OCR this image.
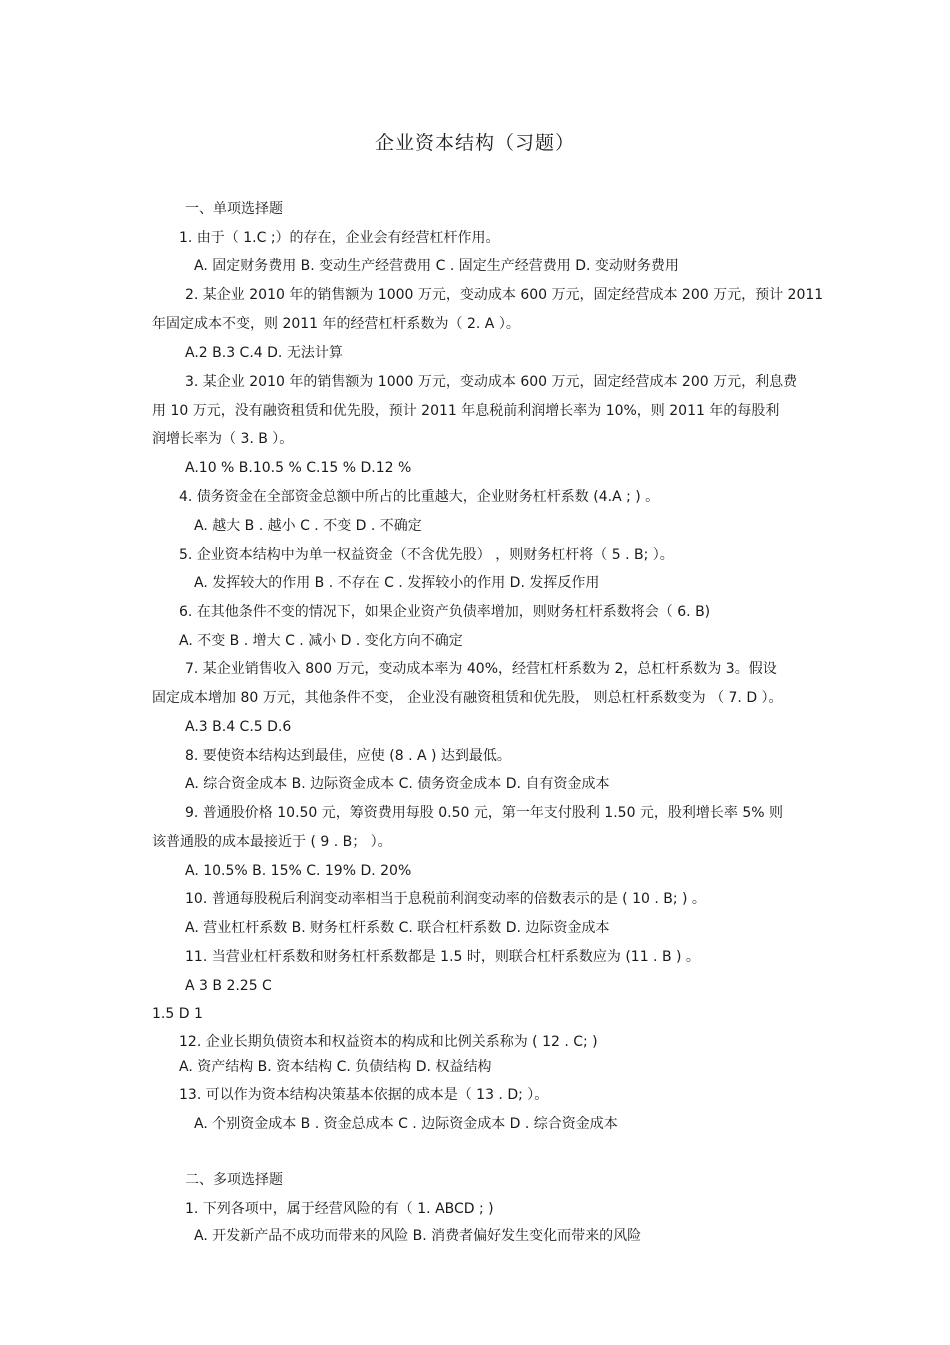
企业资本结构（习题）
一、单项选择题
1. 由于（ 1.C ;）的存在，企业会有经营杠杆作用。
A. 固定财务费用 B. 变动生产经营费用 C . 固定生产经营费用 D. 变动财务费用
2. 某企业 2010 年的销售额为 1000 万元，变动成本 600 万元，固定经营成本 200 万元，预计 2011
年固定成本不变，则 2011 年的经营杠杆系数为（ 2. A ）。
A.2 B.3 C.4 D. 无法计算
3. 某企业 2010 年的销售额为 1000 万元，变动成本 600 万元，固定经营成本 200 万元，利息费
用 10 万元，没有融资租赁和优先股，预计 2011 年息税前利润增长率为 10%，则 2011 年的每股利
润增长率为（ 3. B ）。
A.10 % B.10.5 % C.15 % D.12 %
4. 债务资金在全部资金总额中所占的比重越大，企业财务杠杆系数 (4.A ; ) 。
A. 越大 B . 越小 C . 不变 D . 不确定
5. 企业资本结构中为单一权益资金（不含优先股） ，则财务杠杆将（ 5 . B; ）。
A. 发挥较大的作用 B . 不存在 C . 发挥较小的作用 D. 发挥反作用
6. 在其他条件不变的情况下，如果企业资产负债率增加，则财务杠杆系数将会（ 6. B)
A. 不变 B . 增大 C . 减小 D . 变化方向不确定
7. 某企业销售收入 800 万元，变动成本率为 40%，经营杠杆系数为 2，总杠杆系数为 3。假设
固定成本增加 80 万元，其他条件不变， 企业没有融资租赁和优先股， 则总杠杆系数变为 （ 7. D ）。
A.3 B.4 C.5 D.6
8. 要使资本结构达到最佳，应使 (8 . A ) 达到最低。
A. 综合资金成本 B. 边际资金成本 C. 债务资金成本 D. 自有资金成本
9. 普通股价格 10.50 元，筹资费用每股 0.50 元，第一年支付股利 1.50 元，股利增长率 5% 则
该普通股的成本最接近于 ( 9 . B； ）。
A. 10.5% B. 15% C. 19% D. 20%
10. 普通每股税后利润变动率相当于息税前利润变动率的倍数表示的是 ( 10 . B; ) 。
A. 营业杠杆系数 B. 财务杠杆系数 C. 联合杠杆系数 D. 边际资金成本
11. 当营业杠杆系数和财务杠杆系数都是 1.5 时，则联合杠杆系数应为 (11 . B ) 。
A 3 B 2.25 C
1.5 D 1
12. 企业长期负债资本和权益资本的构成和比例关系称为 ( 12 . C; )
A. 资产结构 B. 资本结构 C. 负债结构 D. 权益结构
13. 可以作为资本结构决策基本依据的成本是（ 13 . D; ）。
A. 个别资金成本 B . 资金总成本 C . 边际资金成本 D . 综合资金成本
二、多项选择题
1. 下列各项中，属于经营风险的有（ 1. ABCD ; )
A. 开发新产品不成功而带来的风险 B. 消费者偏好发生变化而带来的风险
